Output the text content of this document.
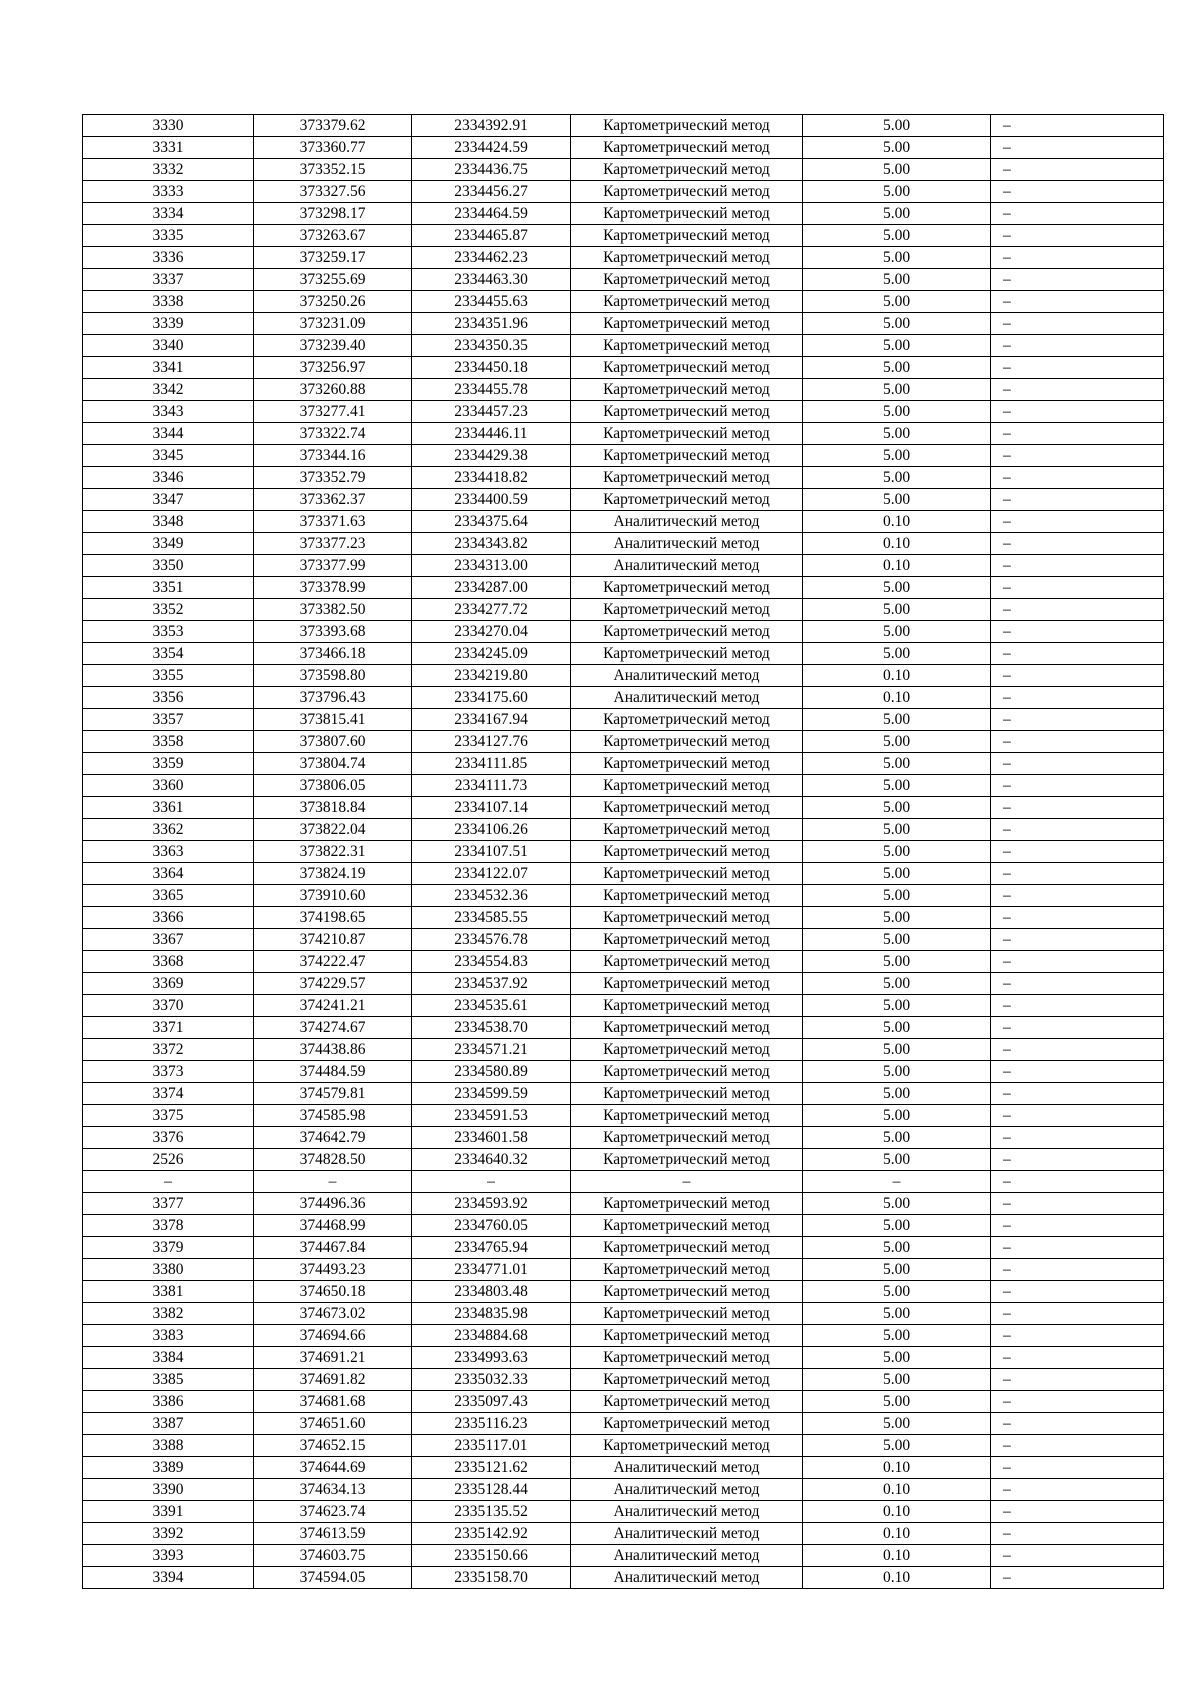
3330	373379.62	2334392.91	Картометрический метод	5.00	–
3331	373360.77	2334424.59	Картометрический метод	5.00	–
3332	373352.15	2334436.75	Картометрический метод	5.00	–
3333	373327.56	2334456.27	Картометрический метод	5.00	–
3334	373298.17	2334464.59	Картометрический метод	5.00	–
3335	373263.67	2334465.87	Картометрический метод	5.00	–
3336	373259.17	2334462.23	Картометрический метод	5.00	–
3337	373255.69	2334463.30	Картометрический метод	5.00	–
3338	373250.26	2334455.63	Картометрический метод	5.00	–
3339	373231.09	2334351.96	Картометрический метод	5.00	–
3340	373239.40	2334350.35	Картометрический метод	5.00	–
3341	373256.97	2334450.18	Картометрический метод	5.00	–
3342	373260.88	2334455.78	Картометрический метод	5.00	–
3343	373277.41	2334457.23	Картометрический метод	5.00	–
3344	373322.74	2334446.11	Картометрический метод	5.00	–
3345	373344.16	2334429.38	Картометрический метод	5.00	–
3346	373352.79	2334418.82	Картометрический метод	5.00	–
3347	373362.37	2334400.59	Картометрический метод	5.00	–
3348	373371.63	2334375.64	Аналитический метод	0.10	–
3349	373377.23	2334343.82	Аналитический метод	0.10	–
3350	373377.99	2334313.00	Аналитический метод	0.10	–
3351	373378.99	2334287.00	Картометрический метод	5.00	–
3352	373382.50	2334277.72	Картометрический метод	5.00	–
3353	373393.68	2334270.04	Картометрический метод	5.00	–
3354	373466.18	2334245.09	Картометрический метод	5.00	–
3355	373598.80	2334219.80	Аналитический метод	0.10	–
3356	373796.43	2334175.60	Аналитический метод	0.10	–
3357	373815.41	2334167.94	Картометрический метод	5.00	–
3358	373807.60	2334127.76	Картометрический метод	5.00	–
3359	373804.74	2334111.85	Картометрический метод	5.00	–
3360	373806.05	2334111.73	Картометрический метод	5.00	–
3361	373818.84	2334107.14	Картометрический метод	5.00	–
3362	373822.04	2334106.26	Картометрический метод	5.00	–
3363	373822.31	2334107.51	Картометрический метод	5.00	–
3364	373824.19	2334122.07	Картометрический метод	5.00	–
3365	373910.60	2334532.36	Картометрический метод	5.00	–
3366	374198.65	2334585.55	Картометрический метод	5.00	–
3367	374210.87	2334576.78	Картометрический метод	5.00	–
3368	374222.47	2334554.83	Картометрический метод	5.00	–
3369	374229.57	2334537.92	Картометрический метод	5.00	–
3370	374241.21	2334535.61	Картометрический метод	5.00	–
3371	374274.67	2334538.70	Картометрический метод	5.00	–
3372	374438.86	2334571.21	Картометрический метод	5.00	–
3373	374484.59	2334580.89	Картометрический метод	5.00	–
3374	374579.81	2334599.59	Картометрический метод	5.00	–
3375	374585.98	2334591.53	Картометрический метод	5.00	–
3376	374642.79	2334601.58	Картометрический метод	5.00	–
2526	374828.50	2334640.32	Картометрический метод	5.00	–
–	–	–	–	–	–
3377	374496.36	2334593.92	Картометрический метод	5.00	–
3378	374468.99	2334760.05	Картометрический метод	5.00	–
3379	374467.84	2334765.94	Картометрический метод	5.00	–
3380	374493.23	2334771.01	Картометрический метод	5.00	–
3381	374650.18	2334803.48	Картометрический метод	5.00	–
3382	374673.02	2334835.98	Картометрический метод	5.00	–
3383	374694.66	2334884.68	Картометрический метод	5.00	–
3384	374691.21	2334993.63	Картометрический метод	5.00	–
3385	374691.82	2335032.33	Картометрический метод	5.00	–
3386	374681.68	2335097.43	Картометрический метод	5.00	–
3387	374651.60	2335116.23	Картометрический метод	5.00	–
3388	374652.15	2335117.01	Картометрический метод	5.00	–
3389	374644.69	2335121.62	Аналитический метод	0.10	–
3390	374634.13	2335128.44	Аналитический метод	0.10	–
3391	374623.74	2335135.52	Аналитический метод	0.10	–
3392	374613.59	2335142.92	Аналитический метод	0.10	–
3393	374603.75	2335150.66	Аналитический метод	0.10	–
3394	374594.05	2335158.70	Аналитический метод	0.10	–
